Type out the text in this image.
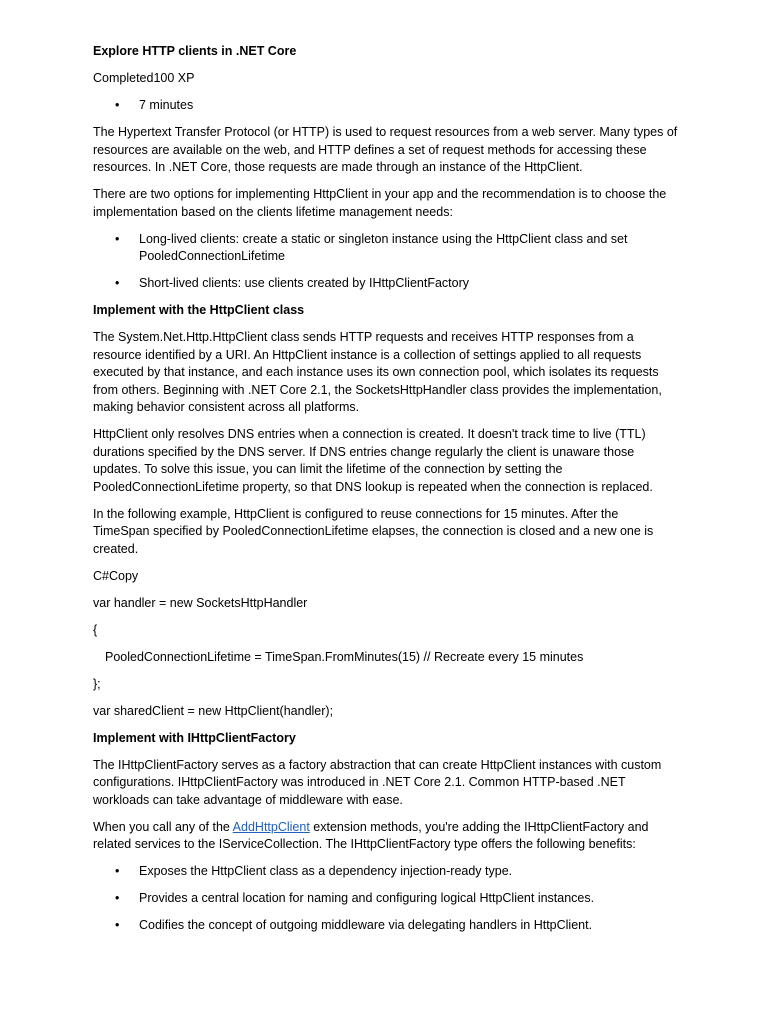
Explore HTTP clients in .NET Core

Completed100 XP

• 7 minutes

The Hypertext Transfer Protocol (or HTTP) is used to request resources from a web server. Many types of resources are available on the web, and HTTP defines a set of request methods for accessing these resources. In .NET Core, those requests are made through an instance of the HttpClient.

There are two options for implementing HttpClient in your app and the recommendation is to choose the implementation based on the clients lifetime management needs:

• Long-lived clients: create a static or singleton instance using the HttpClient class and set PooledConnectionLifetime
• Short-lived clients: use clients created by IHttpClientFactory

Implement with the HttpClient class

The System.Net.Http.HttpClient class sends HTTP requests and receives HTTP responses from a resource identified by a URI. An HttpClient instance is a collection of settings applied to all requests executed by that instance, and each instance uses its own connection pool, which isolates its requests from others. Beginning with .NET Core 2.1, the SocketsHttpHandler class provides the implementation, making behavior consistent across all platforms.

HttpClient only resolves DNS entries when a connection is created. It doesn't track time to live (TTL) durations specified by the DNS server. If DNS entries change regularly the client is unaware those updates. To solve this issue, you can limit the lifetime of the connection by setting the PooledConnectionLifetime property, so that DNS lookup is repeated when the connection is replaced.

In the following example, HttpClient is configured to reuse connections for 15 minutes. After the TimeSpan specified by PooledConnectionLifetime elapses, the connection is closed and a new one is created.

C#Copy

var handler = new SocketsHttpHandler

{

PooledConnectionLifetime = TimeSpan.FromMinutes(15) // Recreate every 15 minutes

};

var sharedClient = new HttpClient(handler);

Implement with IHttpClientFactory

The IHttpClientFactory serves as a factory abstraction that can create HttpClient instances with custom configurations. IHttpClientFactory was introduced in .NET Core 2.1. Common HTTP-based .NET workloads can take advantage of middleware with ease.

When you call any of the AddHttpClient extension methods, you're adding the IHttpClientFactory and related services to the IServiceCollection. The IHttpClientFactory type offers the following benefits:

• Exposes the HttpClient class as a dependency injection-ready type.
• Provides a central location for naming and configuring logical HttpClient instances.
• Codifies the concept of outgoing middleware via delegating handlers in HttpClient.
